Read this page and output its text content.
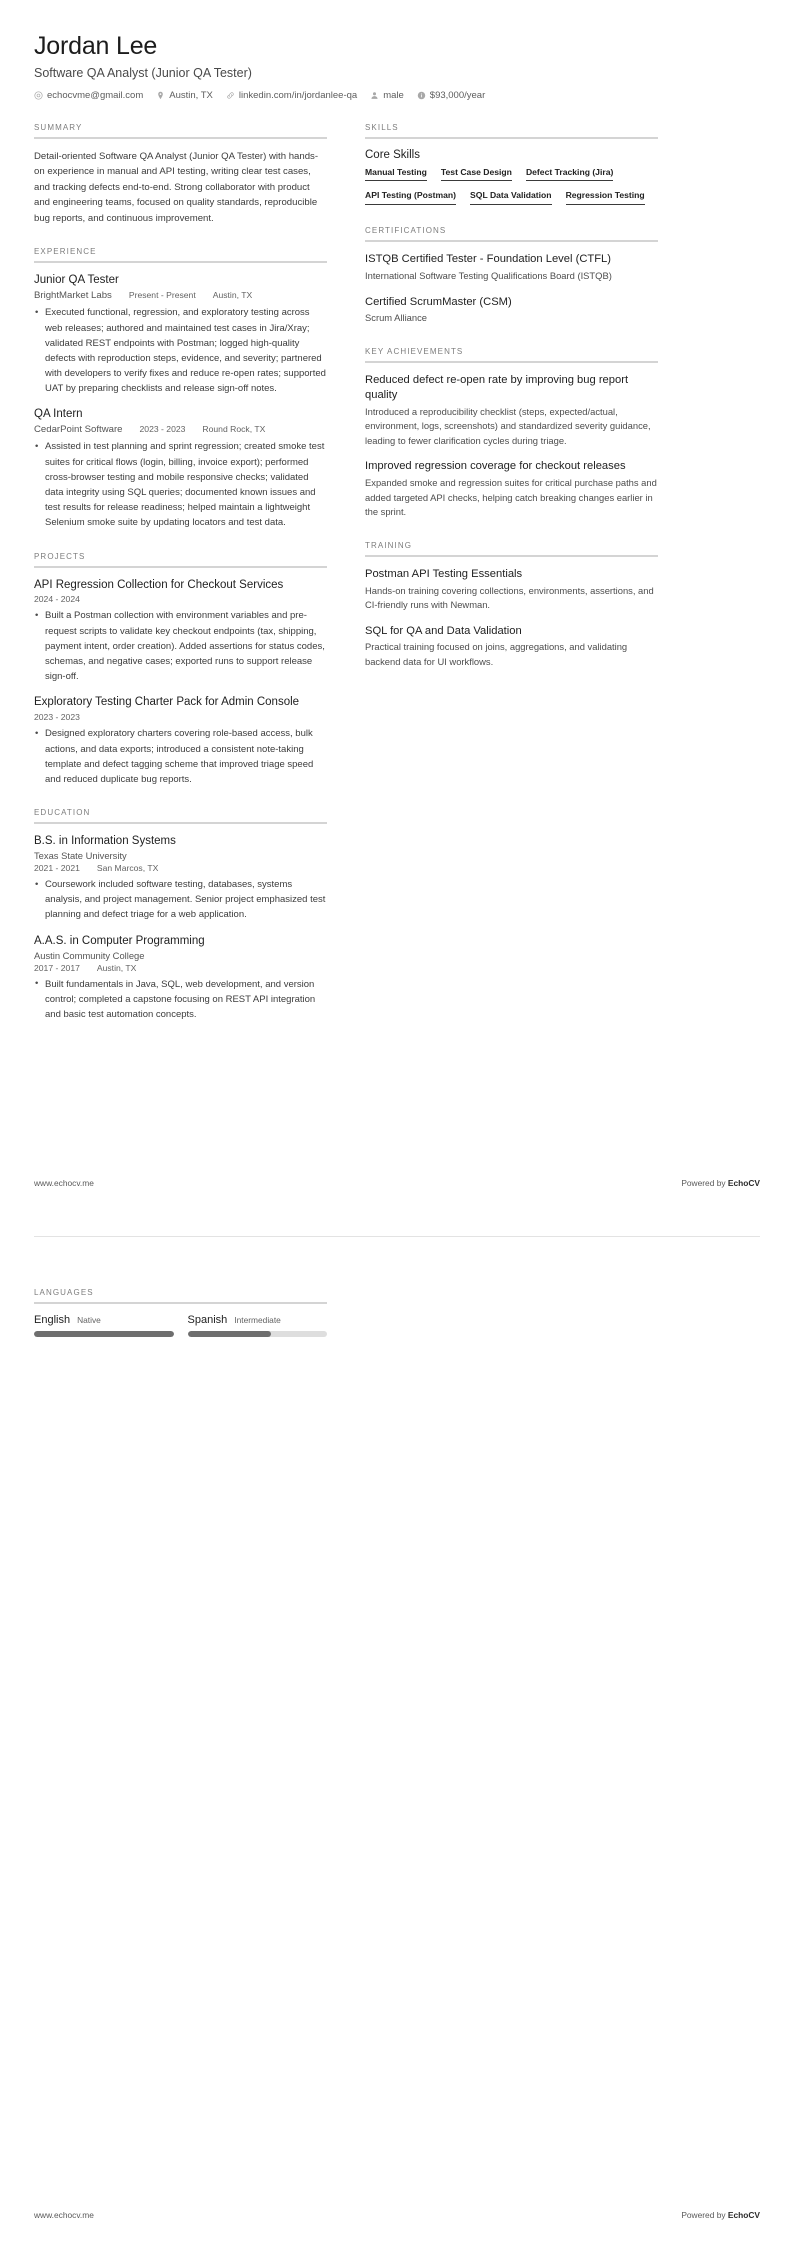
Jordan Lee
Software QA Analyst (Junior QA Tester)
echocvme@gmail.com	Austin, TX	linkedin.com/in/jordanlee-qa	male	$93,000/year
SUMMARY
Detail-oriented Software QA Analyst (Junior QA Tester) with hands-on experience in manual and API testing, writing clear test cases, and tracking defects end-to-end. Strong collaborator with product and engineering teams, focused on quality standards, reproducible bug reports, and continuous improvement.
EXPERIENCE
Junior QA Tester
BrightMarket Labs Present - Present Austin, TX
• Executed functional, regression, and exploratory testing across web releases; authored and maintained test cases in Jira/Xray; validated REST endpoints with Postman; logged high-quality defects with reproduction steps, evidence, and severity; partnered with developers to verify fixes and reduce re-open rates; supported UAT by preparing checklists and release sign-off notes.
QA Intern
CedarPoint Software 2023 - 2023 Round Rock, TX
• Assisted in test planning and sprint regression; created smoke test suites for critical flows (login, billing, invoice export); performed cross-browser testing and mobile responsive checks; validated data integrity using SQL queries; documented known issues and test results for release readiness; helped maintain a lightweight Selenium smoke suite by updating locators and test data.
PROJECTS
API Regression Collection for Checkout Services
2024 - 2024
• Built a Postman collection with environment variables and pre-request scripts to validate key checkout endpoints (tax, shipping, payment intent, order creation). Added assertions for status codes, schemas, and negative cases; exported runs to support release sign-off.
Exploratory Testing Charter Pack for Admin Console
2023 - 2023
• Designed exploratory charters covering role-based access, bulk actions, and data exports; introduced a consistent note-taking template and defect tagging scheme that improved triage speed and reduced duplicate bug reports.
EDUCATION
B.S. in Information Systems
Texas State University
2021 - 2021 San Marcos, TX
• Coursework included software testing, databases, systems analysis, and project management. Senior project emphasized test planning and defect triage for a web application.
A.A.S. in Computer Programming
Austin Community College
2017 - 2017 Austin, TX
• Built fundamentals in Java, SQL, web development, and version control; completed a capstone focusing on REST API integration and basic test automation concepts.
SKILLS
Core Skills
Manual Testing Test Case Design Defect Tracking (Jira)
API Testing (Postman) SQL Data Validation Regression Testing
CERTIFICATIONS
ISTQB Certified Tester - Foundation Level (CTFL)
International Software Testing Qualifications Board (ISTQB)
Certified ScrumMaster (CSM)
Scrum Alliance
KEY ACHIEVEMENTS
Reduced defect re-open rate by improving bug report quality
Introduced a reproducibility checklist (steps, expected/actual, environment, logs, screenshots) and standardized severity guidance, leading to fewer clarification cycles during triage.
Improved regression coverage for checkout releases
Expanded smoke and regression suites for critical purchase paths and added targeted API checks, helping catch breaking changes earlier in the sprint.
TRAINING
Postman API Testing Essentials
Hands-on training covering collections, environments, assertions, and CI-friendly runs with Newman.
SQL for QA and Data Validation
Practical training focused on joins, aggregations, and validating backend data for UI workflows.
www.echocv.me	Powered by EchoCV
LANGUAGES
English Native	Spanish Intermediate
www.echocv.me	Powered by EchoCV
